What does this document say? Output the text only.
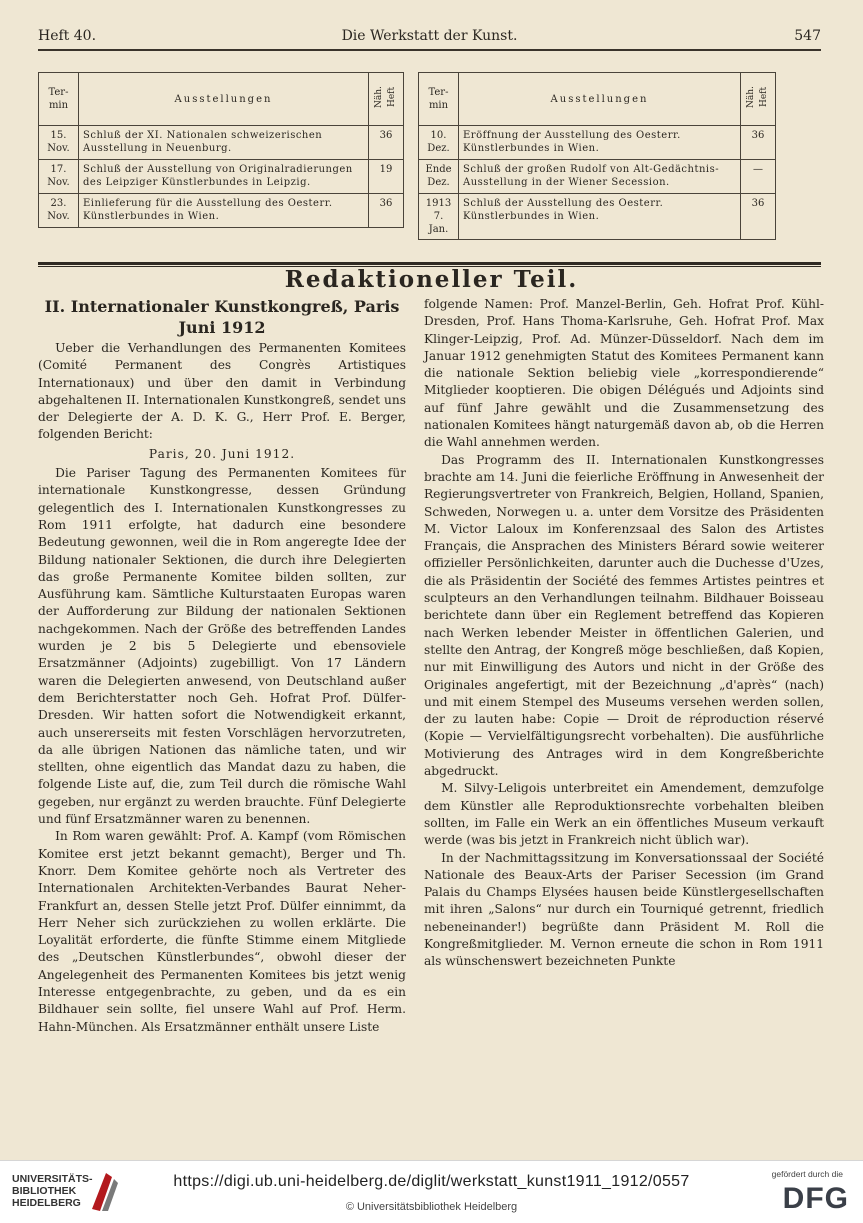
Heft 40.	Die Werkstatt der Kunst.	547
Ter-min	Ausstellungen	Näh. Heft
15. Nov.	Schluß der XI. Nationalen schweizerischen Ausstellung in Neuenburg.	36
17. Nov.	Schluß der Ausstellung von Originalradierungen des Leipziger Künstlerbundes in Leipzig.	19
23. Nov.	Einlieferung für die Ausstellung des Oesterr. Künstlerbundes in Wien.	36
Ter-min	Ausstellungen	Näh. Heft
10. Dez.	Eröffnung der Ausstellung des Oesterr. Künstlerbundes in Wien.	36
Ende Dez.	Schluß der großen Rudolf von Alt-Gedächtnis-Ausstellung in der Wiener Secession.	—
1913 7. Jan.	Schluß der Ausstellung des Oesterr. Künstlerbundes in Wien.	36
Redaktioneller Teil.
II. Internationaler Kunstkongreß, Paris Juni 1912

Ueber die Verhandlungen des Permanenten Komitees (Comité Permanent des Congrès Artistiques Internationaux) und über den damit in Verbindung abgehaltenen II. Internationalen Kunstkongreß, sendet uns der Delegierte der A. D. K. G., Herr Prof. E. Berger, folgenden Bericht:

Paris, 20. Juni 1912.

Die Pariser Tagung des Permanenten Komitees für internationale Kunstkongresse, dessen Gründung gelegentlich des I. Internationalen Kunstkongresses zu Rom 1911 erfolgte, hat dadurch eine besondere Bedeutung gewonnen, weil die in Rom angeregte Idee der Bildung nationaler Sektionen, die durch ihre Delegierten das große Permanente Komitee bilden sollten, zur Ausführung kam. Sämtliche Kulturstaaten Europas waren der Aufforderung zur Bildung der nationalen Sektionen nachgekommen. Nach der Größe des betreffenden Landes wurden je 2 bis 5 Delegierte und ebensoviele Ersatzmänner (Adjoints) zugebilligt. Von 17 Ländern waren die Delegierten anwesend, von Deutschland außer dem Berichterstatter noch Geh. Hofrat Prof. Dülfer-Dresden. Wir hatten sofort die Notwendigkeit erkannt, auch unsererseits mit festen Vorschlägen hervorzutreten, da alle übrigen Nationen das nämliche taten, und wir stellten, ohne eigentlich das Mandat dazu zu haben, die folgende Liste auf, die, zum Teil durch die römische Wahl gegeben, nur ergänzt zu werden brauchte. Fünf Delegierte und fünf Ersatzmänner waren zu benennen.

In Rom waren gewählt: Prof. A. Kampf (vom Römischen Komitee erst jetzt bekannt gemacht), Berger und Th. Knorr. Dem Komitee gehörte noch als Vertreter des Internationalen Architekten-Verbandes Baurat Neher-Frankfurt an, dessen Stelle jetzt Prof. Dülfer einnimmt, da Herr Neher sich zurückziehen zu wollen erklärte. Die Loyalität erforderte, die fünfte Stimme einem Mitgliede des „Deutschen Künstlerbundes“, obwohl dieser der Angelegenheit des Permanenten Komitees bis jetzt wenig Interesse entgegenbrachte, zu geben, und da es ein Bildhauer sein sollte, fiel unsere Wahl auf Prof. Herm. Hahn-München. Als Ersatzmänner enthält unsere Liste

folgende Namen: Prof. Manzel-Berlin, Geh. Hofrat Prof. Kühl-Dresden, Prof. Hans Thoma-Karlsruhe, Geh. Hofrat Prof. Max Klinger-Leipzig, Prof. Ad. Münzer-Düsseldorf. Nach dem im Januar 1912 genehmigten Statut des Komitees Permanent kann die nationale Sektion beliebig viele „korrespondierende“ Mitglieder kooptieren. Die obigen Délégués und Adjoints sind auf fünf Jahre gewählt und die Zusammensetzung des nationalen Komitees hängt naturgemäß davon ab, ob die Herren die Wahl annehmen werden.

Das Programm des II. Internationalen Kunstkongresses brachte am 14. Juni die feierliche Eröffnung in Anwesenheit der Regierungsvertreter von Frankreich, Belgien, Holland, Spanien, Schweden, Norwegen u. a. unter dem Vorsitze des Präsidenten M. Victor Laloux im Konferenzsaal des Salon des Artistes Français, die Ansprachen des Ministers Bérard sowie weiterer offizieller Persönlichkeiten, darunter auch die Duchesse d'Uzes, die als Präsidentin der Société des femmes Artistes peintres et sculpteurs an den Verhandlungen teilnahm. Bildhauer Boisseau berichtete dann über ein Reglement betreffend das Kopieren nach Werken lebender Meister in öffentlichen Galerien, und stellte den Antrag, der Kongreß möge beschließen, daß Kopien, nur mit Einwilligung des Autors und nicht in der Größe des Originales angefertigt, mit der Bezeichnung „d'après“ (nach) und mit einem Stempel des Museums versehen werden sollen, der zu lauten habe: Copie — Droit de réproduction réservé (Kopie — Vervielfältigungsrecht vorbehalten). Die ausführliche Motivierung des Antrages wird in dem Kongreßberichte abgedruckt.

M. Silvy-Leligois unterbreitet ein Amendement, demzufolge dem Künstler alle Reproduktionsrechte vorbehalten bleiben sollten, im Falle ein Werk an ein öffentliches Museum verkauft werde (was bis jetzt in Frankreich nicht üblich war).

In der Nachmittagssitzung im Konversationssaal der Société Nationale des Beaux-Arts der Pariser Secession (im Grand Palais du Champs Elysées hausen beide Künstlergesellschaften mit ihren „Salons“ nur durch ein Tourniqué getrennt, friedlich nebeneinander!) begrüßte dann Präsident M. Roll die Kongreßmitglieder. M. Vernon erneute die schon in Rom 1911 als wünschenswert bezeichneten Punkte

UNIVERSITÄTS-
BIBLIOTHEK
HEIDELBERG
https://digi.ub.uni-heidelberg.de/diglit/werkstatt_kunst1911_1912/0557
© Universitätsbibliothek Heidelberg
gefördert durch die
DFG
